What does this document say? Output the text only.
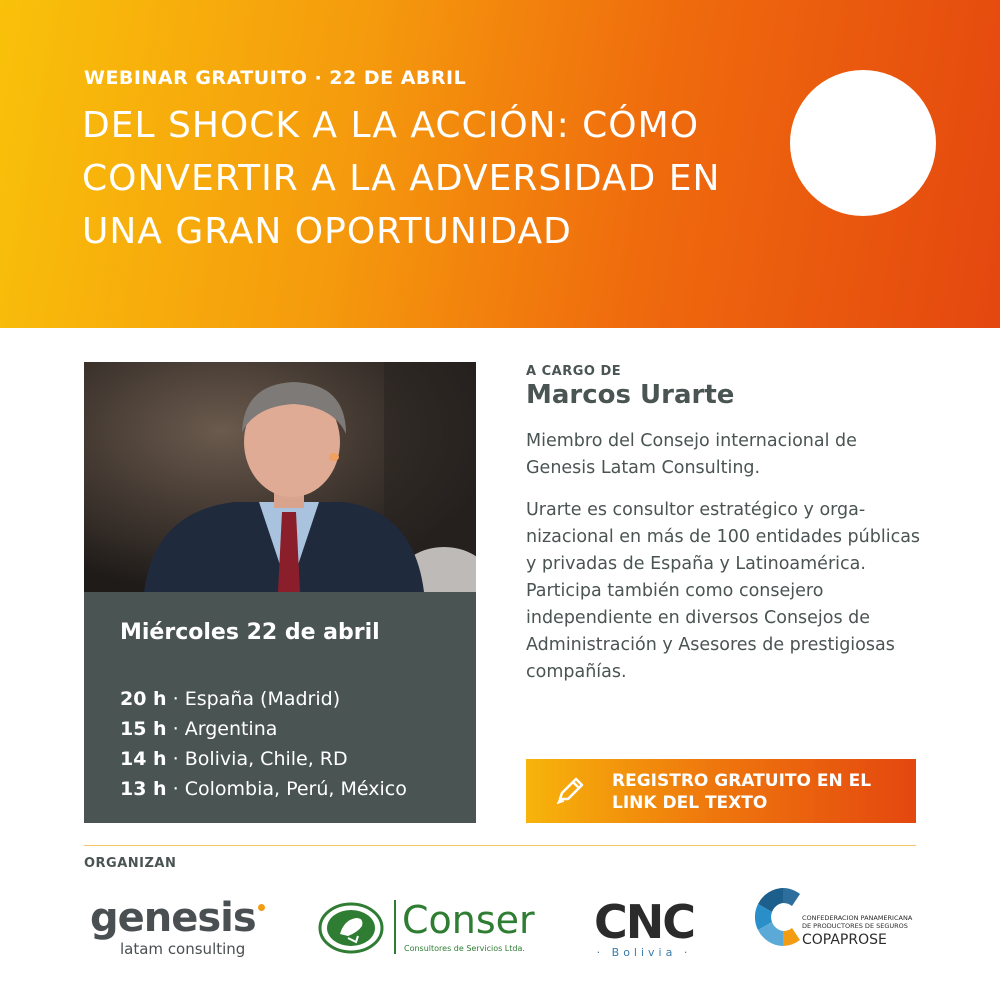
WEBINAR GRATUITO · 22 DE ABRIL
DEL SHOCK A LA ACCIÓN: CÓMO CONVERTIR A LA ADVERSIDAD EN UNA GRAN OPORTUNIDAD
Miércoles 22 de abril
20 h · España (Madrid)
15 h · Argentina
14 h · Bolivia, Chile, RD
13 h · Colombia, Perú, México
A CARGO DE
Marcos Urarte
Miembro del Consejo internacional de Genesis Latam Consulting.
Urarte es consultor estratégico y orga-nizacional en más de 100 entidades públicas y privadas de España y Latinoamérica. Participa también como consejero independiente en diversos Consejos de Administración y Asesores de prestigiosas compañías.
REGISTRO GRATUITO EN EL LINK DEL TEXTO
ORGANIZAN
genesis
latam consulting
Conser
Consultores de Servicios Ltda.	CNC
· Bolivia ·
CONFEDERACION PANAMERICANA
DE PRODUCTORES DE SEGUROS
COPAPROSE
